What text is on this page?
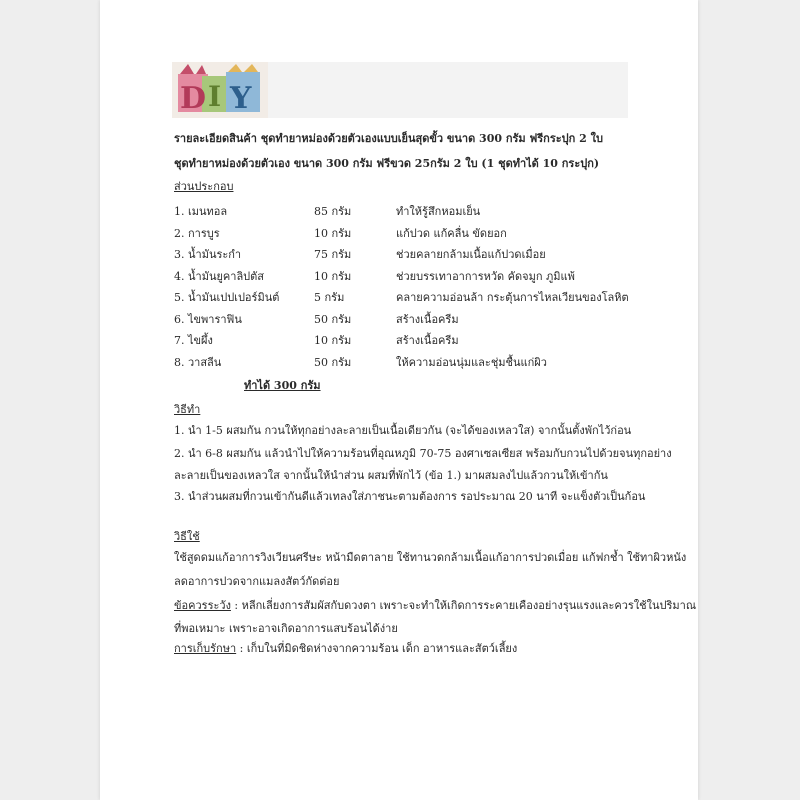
D I Y
รายละเอียดสินค้า ชุดทำยาหม่องด้วยตัวเองแบบเย็นสุดขั้ว ขนาด 300 กรัม ฟรีกระปุก 2 ใบ
ชุดทำยาหม่องด้วยตัวเอง ขนาด 300 กรัม ฟรีขวด 25กรัม 2 ใบ (1 ชุดทำได้ 10 กระปุก)
ส่วนประกอบ
1. เมนทอล	85 กรัม	ทำให้รู้สึกหอมเย็น
2. การบูร	10 กรัม	แก้ปวด แก้คลื่น ขัดยอก
3. น้ำมันระกำ	75 กรัม	ช่วยคลายกล้ามเนื้อแก้ปวดเมื่อย
4. น้ำมันยูคาลิปตัส	10 กรัม	ช่วยบรรเทาอาการหวัด คัดจมูก ภูมิแพ้
5. น้ำมันเปปเปอร์มินต์	5 กรัม	คลายความอ่อนล้า กระตุ้นการไหลเวียนของโลหิต
6. ไขพาราฟิน	50 กรัม	สร้างเนื้อครีม
7. ไขผึ้ง	10 กรัม	สร้างเนื้อครีม
8. วาสลีน	50 กรัม	ให้ความอ่อนนุ่มและชุ่มชื้นแก่ผิว
ทำได้ 300 กรัม
วิธีทำ
1. นำ 1-5 ผสมกัน กวนให้ทุกอย่างละลายเป็นเนื้อเดียวกัน (จะได้ของเหลวใส) จากนั้นตั้งพักไว้ก่อน
2. นำ 6-8 ผสมกัน แล้วนำไปให้ความร้อนที่อุณหภูมิ 70-75 องศาเซลเซียส พร้อมกับกวนไปด้วยจนทุกอย่าง
ละลายเป็นของเหลวใส จากนั้นให้นำส่วน ผสมที่พักไว้ (ข้อ 1.) มาผสมลงไปแล้วกวนให้เข้ากัน
3. นำส่วนผสมที่กวนเข้ากันดีแล้วเทลงใส่ภาชนะตามต้องการ รอประมาณ 20 นาที จะแข็งตัวเป็นก้อน
วิธีใช้
ใช้สูดดมแก้อาการวิงเวียนศรีษะ หน้ามืดตาลาย ใช้ทานวดกล้ามเนื้อแก้อาการปวดเมื่อย แก้ฟกช้ำ ใช้ทาผิวหนัง
ลดอาการปวดจากแมลงสัตว์กัดต่อย
ข้อควรระวัง : หลีกเลี่ยงการสัมผัสกับดวงตา เพราะจะทำให้เกิดการระคายเคืองอย่างรุนแรงและควรใช้ในปริมาณ
ที่พอเหมาะ เพราะอาจเกิดอาการแสบร้อนได้ง่าย
การเก็บรักษา : เก็บในที่มิดชิดห่างจากความร้อน เด็ก อาหารและสัตว์เลี้ยง
